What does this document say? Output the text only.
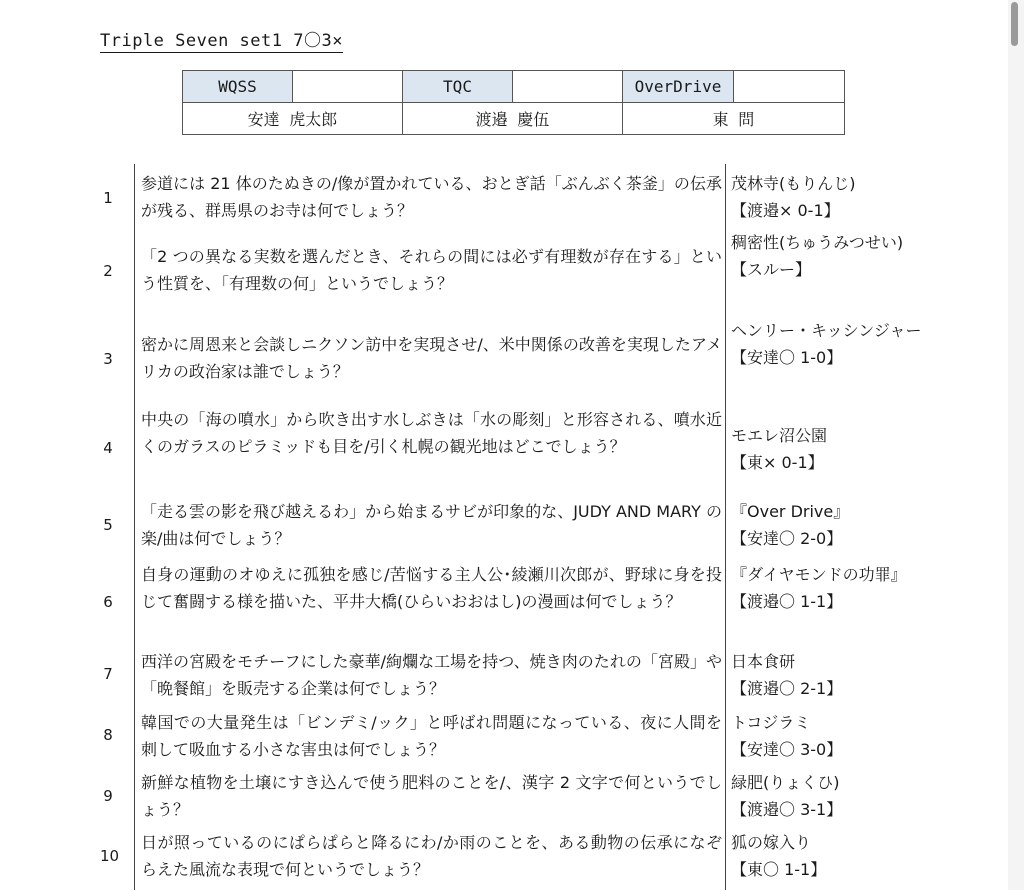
Triple Seven set1 7〇3×
WQSS		TQC		OverDrive	
安達 虎太郎		渡邉 慶伍		東 問	
1
参道には 21 体のたぬきの/像が置かれている、おとぎ話「ぶんぶく茶釜」の伝承が残る、群馬県のお寺は何でしょう？
茂林寺(もりんじ)
【渡邉× 0-1】
2
「2 つの異なる実数を選んだとき、それらの間には必ず有理数が存在する」という性質を、「有理数の何」というでしょう？
稠密性(ちゅうみつせい)
【スルー】
3
密かに周恩来と会談しニクソン訪中を実現させ/、米中関係の改善を実現したアメリカの政治家は誰でしょう？
ヘンリー・キッシンジャー
【安達〇 1-0】
4
中央の「海の噴水」から吹き出す水しぶきは「水の彫刻」と形容される、噴水近くのガラスのピラミッドも目を/引く札幌の観光地はどこでしょう？
モエレ沼公園
【東× 0-1】
5
「走る雲の影を飛び越えるわ」から始まるサビが印象的な、JUDY AND MARY の楽/曲は何でしょう？
『Over Drive』
【安達〇 2-0】
6
自身の運動のオゆえに孤独を感じ/苦悩する主人公･綾瀬川次郎が、野球に身を投じて奮闘する様を描いた、平井大橋(ひらいおおはし)の漫画は何でしょう？
『ダイヤモンドの功罪』
【渡邉〇 1-1】
7
西洋の宮殿をモチーフにした豪華/絢爛な工場を持つ、焼き肉のたれの「宮殿」や「晩餐館」を販売する企業は何でしょう？
日本食研
【渡邉〇 2-1】
8
韓国での大量発生は「ビンデミ/ック」と呼ばれ問題になっている、夜に人間を刺して吸血する小さな害虫は何でしょう？
トコジラミ
【安達〇 3-0】
9
新鮮な植物を土壌にすき込んで使う肥料のことを/、漢字 2 文字で何というでしょう？
緑肥(りょくひ)
【渡邉〇 3-1】
10
日が照っているのにぱらぱらと降るにわ/か雨のことを、ある動物の伝承になぞらえた風流な表現で何というでしょう？
狐の嫁入り
【東〇 1-1】
